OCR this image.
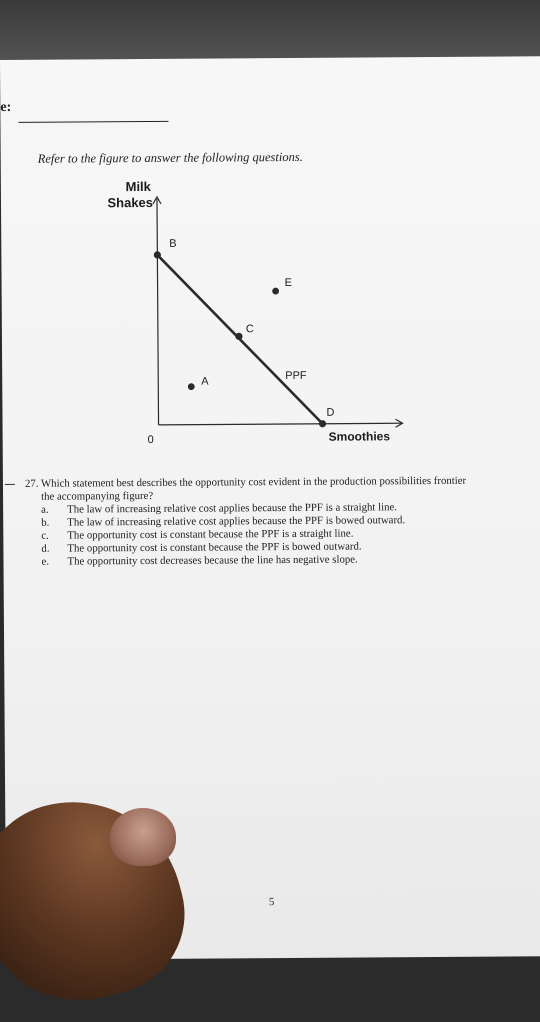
e:
Refer to the figure to answer the following questions.
Milk
Shakes
Smoothies
0
B
C
D
E
A	PPF
27. Which statement best describes the opportunity cost evident in the production possibilities frontier
the accompanying figure?
a. The law of increasing relative cost applies because the PPF is a straight line.
b. The law of increasing relative cost applies because the PPF is bowed outward.
c. The opportunity cost is constant because the PPF is a straight line.
d. The opportunity cost is constant because the PPF is bowed outward.
e. The opportunity cost decreases because the line has negative slope.
5
